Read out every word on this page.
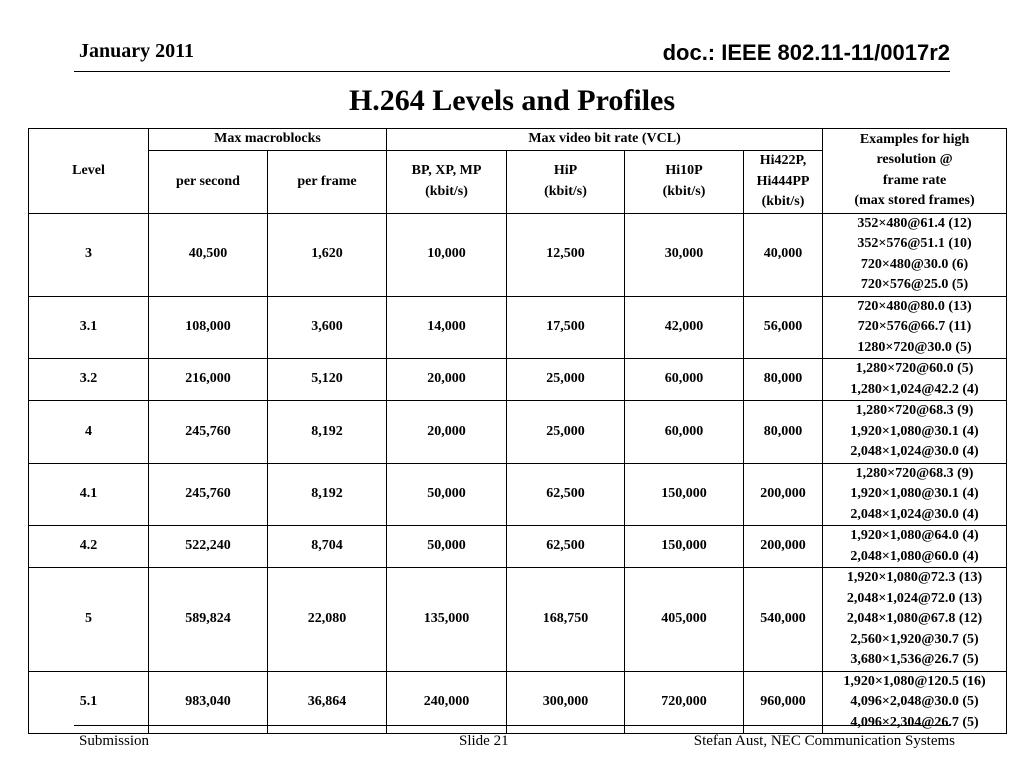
January 2011	doc.: IEEE 802.11-11/0017r2
H.264 Levels and Profiles
Level	Max macroblocks		Max video bit rate (VCL)				Examples for high
resolution @
frame rate
(max stored frames)

	per second	per frame	BP, XP, MP
(kbit/s)	HiP
(kbit/s)	Hi10P
(kbit/s)	Hi422P,
Hi444PP
(kbit/s)	

3	40,500	1,620	10,000	12,500	30,000	40,000	352×480@61.4 (12)
352×576@51.1 (10)
720×480@30.0 (6)
720×576@25.0 (5)

3.1	108,000	3,600	14,000	17,500	42,000	56,000	720×480@80.0 (13)
720×576@66.7 (11)
1280×720@30.0 (5)

3.2	216,000	5,120	20,000	25,000	60,000	80,000	1,280×720@60.0 (5)
1,280×1,024@42.2 (4)

4	245,760	8,192	20,000	25,000	60,000	80,000	1,280×720@68.3 (9)
1,920×1,080@30.1 (4)
2,048×1,024@30.0 (4)

4.1	245,760	8,192	50,000	62,500	150,000	200,000	1,280×720@68.3 (9)
1,920×1,080@30.1 (4)
2,048×1,024@30.0 (4)

4.2	522,240	8,704	50,000	62,500	150,000	200,000	1,920×1,080@64.0 (4)
2,048×1,080@60.0 (4)

5	589,824	22,080	135,000	168,750	405,000	540,000	1,920×1,080@72.3 (13)
2,048×1,024@72.0 (13)
2,048×1,080@67.8 (12)
2,560×1,920@30.7 (5)
3,680×1,536@26.7 (5)

5.1	983,040	36,864	240,000	300,000	720,000	960,000	1,920×1,080@120.5 (16)
4,096×2,048@30.0 (5)
4,096×2,304@26.7 (5)
Submission	Slide 21	Stefan Aust, NEC Communication Systems
